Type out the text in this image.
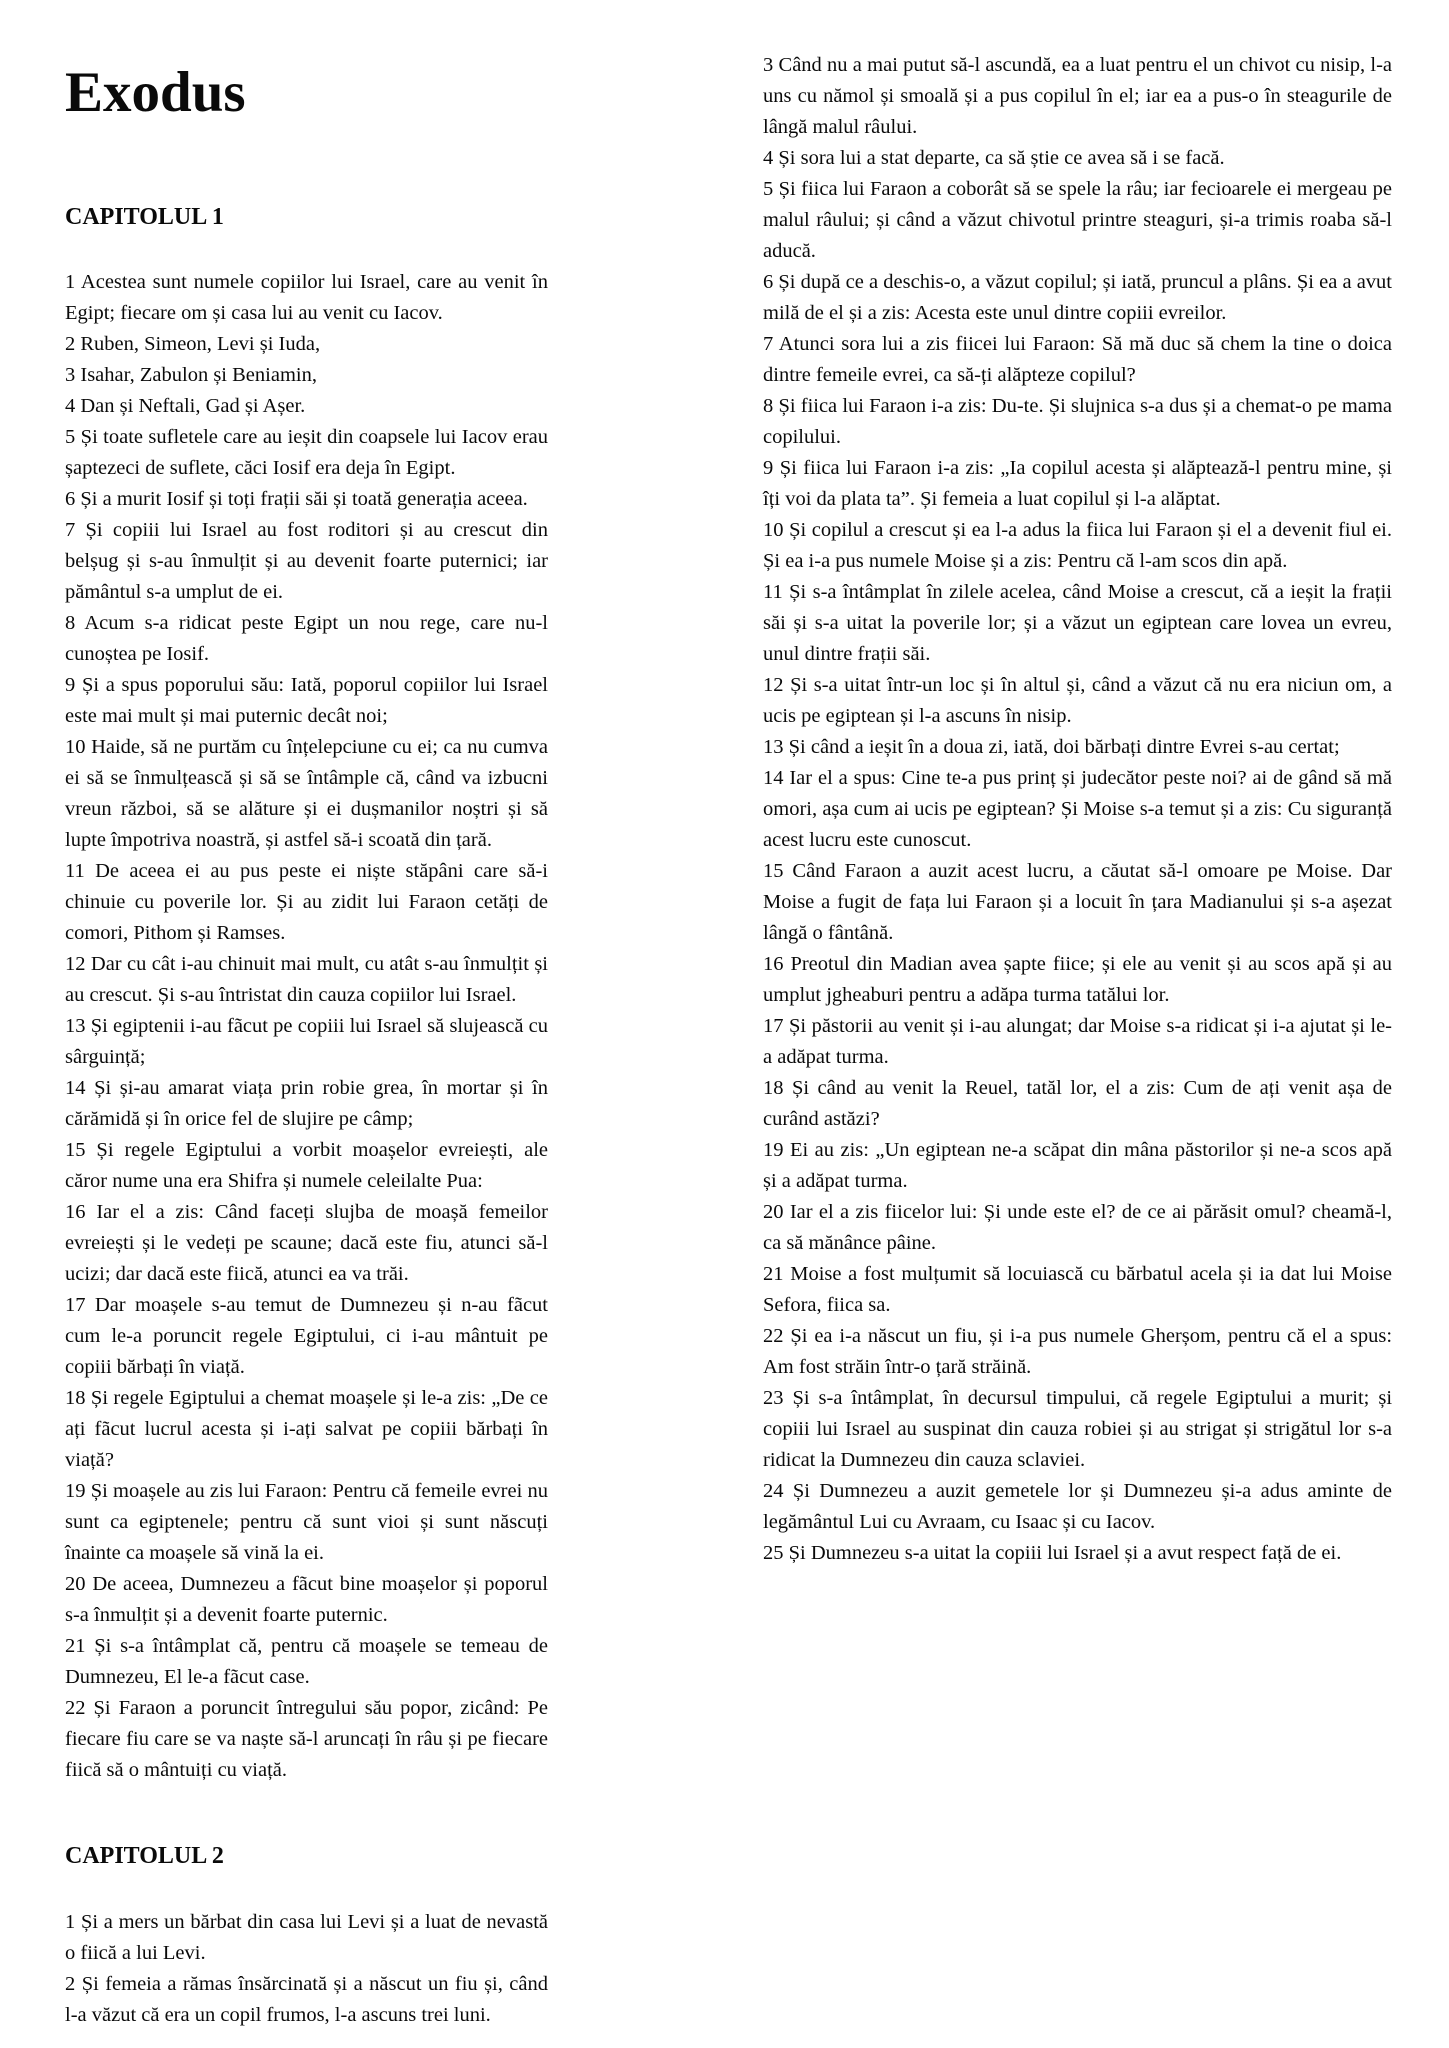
Exodus
CAPITOLUL 1

1 Acestea sunt numele copiilor lui Israel, care au venit în Egipt; fiecare om și casa lui au venit cu Iacov.

2 Ruben, Simeon, Levi și Iuda,

3 Isahar, Zabulon și Beniamin,

4 Dan și Neftali, Gad și Așer.

5 Și toate sufletele care au ieșit din coapsele lui Iacov erau șaptezeci de suflete, căci Iosif era deja în Egipt.

6 Și a murit Iosif și toți frații săi și toată generația aceea.

7 Și copiii lui Israel au fost roditori și au crescut din belșug și s-au înmulțit și au devenit foarte puternici; iar pământul s-a umplut de ei.

8 Acum s-a ridicat peste Egipt un nou rege, care nu-l cunoștea pe Iosif.

9 Și a spus poporului său: Iată, poporul copiilor lui Israel este mai mult și mai puternic decât noi;

10 Haide, să ne purtăm cu înțelepciune cu ei; ca nu cumva ei să se înmulțească și să se întâmple că, când va izbucni vreun război, să se alăture și ei dușmanilor noștri și să lupte împotriva noastră, și astfel să-i scoată din țară.

11 De aceea ei au pus peste ei niște stăpâni care să-i chinuie cu poverile lor. Și au zidit lui Faraon cetăți de comori, Pithom și Ramses.

12 Dar cu cât i-au chinuit mai mult, cu atât s-au înmulțit și au crescut. Și s-au întristat din cauza copiilor lui Israel.

13 Și egiptenii i-au fãcut pe copiii lui Israel să slujească cu sârguință;

14 Și și-au amarat viața prin robie grea, în mortar și în cărămidă și în orice fel de slujire pe câmp;

15 Și regele Egiptului a vorbit moașelor evreiești, ale căror nume una era Shifra și numele celeilalte Pua:

16 Iar el a zis: Când faceți slujba de moașă femeilor evreiești și le vedeți pe scaune; dacă este fiu, atunci să-l ucizi; dar dacă este fiică, atunci ea va trăi.

17 Dar moașele s-au temut de Dumnezeu și n-au fãcut cum le-a poruncit regele Egiptului, ci i-au mântuit pe copiii bărbați în viață.

18 Și regele Egiptului a chemat moașele și le-a zis: „De ce ați fãcut lucrul acesta și i-ați salvat pe copiii bărbați în viață?

19 Și moașele au zis lui Faraon: Pentru că femeile evrei nu sunt ca egiptenele; pentru că sunt vioi și sunt născuți înainte ca moașele să vină la ei.

20 De aceea, Dumnezeu a fãcut bine moașelor și poporul s-a înmulțit și a devenit foarte puternic.

21 Și s-a întâmplat că, pentru că moașele se temeau de Dumnezeu, El le-a fãcut case.

22 Și Faraon a poruncit întregului său popor, zicând: Pe fiecare fiu care se va naște să-l aruncați în râu și pe fiecare fiică să o mântuiți cu viață.

CAPITOLUL 2

1 Și a mers un bărbat din casa lui Levi și a luat de nevastă o fiică a lui Levi.

2 Și femeia a rămas însărcinată și a născut un fiu și, când l-a văzut că era un copil frumos, l-a ascuns trei luni.

3 Când nu a mai putut să-l ascundă, ea a luat pentru el un chivot cu nisip, l-a uns cu nămol și smoală și a pus copilul în el; iar ea a pus-o în steagurile de lângă malul râului.

4 Și sora lui a stat departe, ca să știe ce avea să i se facă.

5 Și fiica lui Faraon a coborât să se spele la râu; iar fecioarele ei mergeau pe malul râului; și când a văzut chivotul printre steaguri, și-a trimis roaba să-l aducă.

6 Și după ce a deschis-o, a văzut copilul; și iată, pruncul a plâns. Și ea a avut milă de el și a zis: Acesta este unul dintre copiii evreilor.

7 Atunci sora lui a zis fiicei lui Faraon: Să mă duc să chem la tine o doica dintre femeile evrei, ca să-ți alăpteze copilul?

8 Și fiica lui Faraon i-a zis: Du-te. Și slujnica s-a dus și a chemat-o pe mama copilului.

9 Și fiica lui Faraon i-a zis: „Ia copilul acesta și alăptează-l pentru mine, și îți voi da plata ta”. Și femeia a luat copilul și l-a alăptat.

10 Și copilul a crescut și ea l-a adus la fiica lui Faraon și el a devenit fiul ei. Și ea i-a pus numele Moise și a zis: Pentru că l-am scos din apă.

11 Și s-a întâmplat în zilele acelea, când Moise a crescut, că a ieșit la frații săi și s-a uitat la poverile lor; și a văzut un egiptean care lovea un evreu, unul dintre frații săi.

12 Și s-a uitat într-un loc și în altul și, când a văzut că nu era niciun om, a ucis pe egiptean și l-a ascuns în nisip.

13 Și când a ieșit în a doua zi, iată, doi bărbați dintre Evrei s-au certat;

14 Iar el a spus: Cine te-a pus prinț și judecător peste noi? ai de gând să mă omori, așa cum ai ucis pe egiptean? Și Moise s-a temut și a zis: Cu siguranță acest lucru este cunoscut.

15 Când Faraon a auzit acest lucru, a căutat să-l omoare pe Moise. Dar Moise a fugit de fața lui Faraon și a locuit în țara Madianului și s-a așezat lângă o fântână.

16 Preotul din Madian avea șapte fiice; și ele au venit și au scos apă și au umplut jgheaburi pentru a adăpa turma tatălui lor.

17 Și păstorii au venit și i-au alungat; dar Moise s-a ridicat și i-a ajutat și le-a adăpat turma.

18 Și când au venit la Reuel, tatăl lor, el a zis: Cum de ați venit așa de curând astăzi?

19 Ei au zis: „Un egiptean ne-a scăpat din mâna păstorilor și ne-a scos apă și a adăpat turma.

20 Iar el a zis fiicelor lui: Și unde este el? de ce ai părăsit omul? cheamă-l, ca să mănânce pâine.

21 Moise a fost mulțumit să locuiască cu bărbatul acela și ia dat lui Moise Sefora, fiica sa.

22 Și ea i-a născut un fiu, și i-a pus numele Gherșom, pentru că el a spus: Am fost străin într-o țară străină.

23 Și s-a întâmplat, în decursul timpului, că regele Egiptului a murit; și copiii lui Israel au suspinat din cauza robiei și au strigat și strigătul lor s-a ridicat la Dumnezeu din cauza sclaviei.

24 Și Dumnezeu a auzit gemetele lor și Dumnezeu și-a adus aminte de legământul Lui cu Avraam, cu Isaac și cu Iacov.

25 Și Dumnezeu s-a uitat la copiii lui Israel și a avut respect față de ei.
